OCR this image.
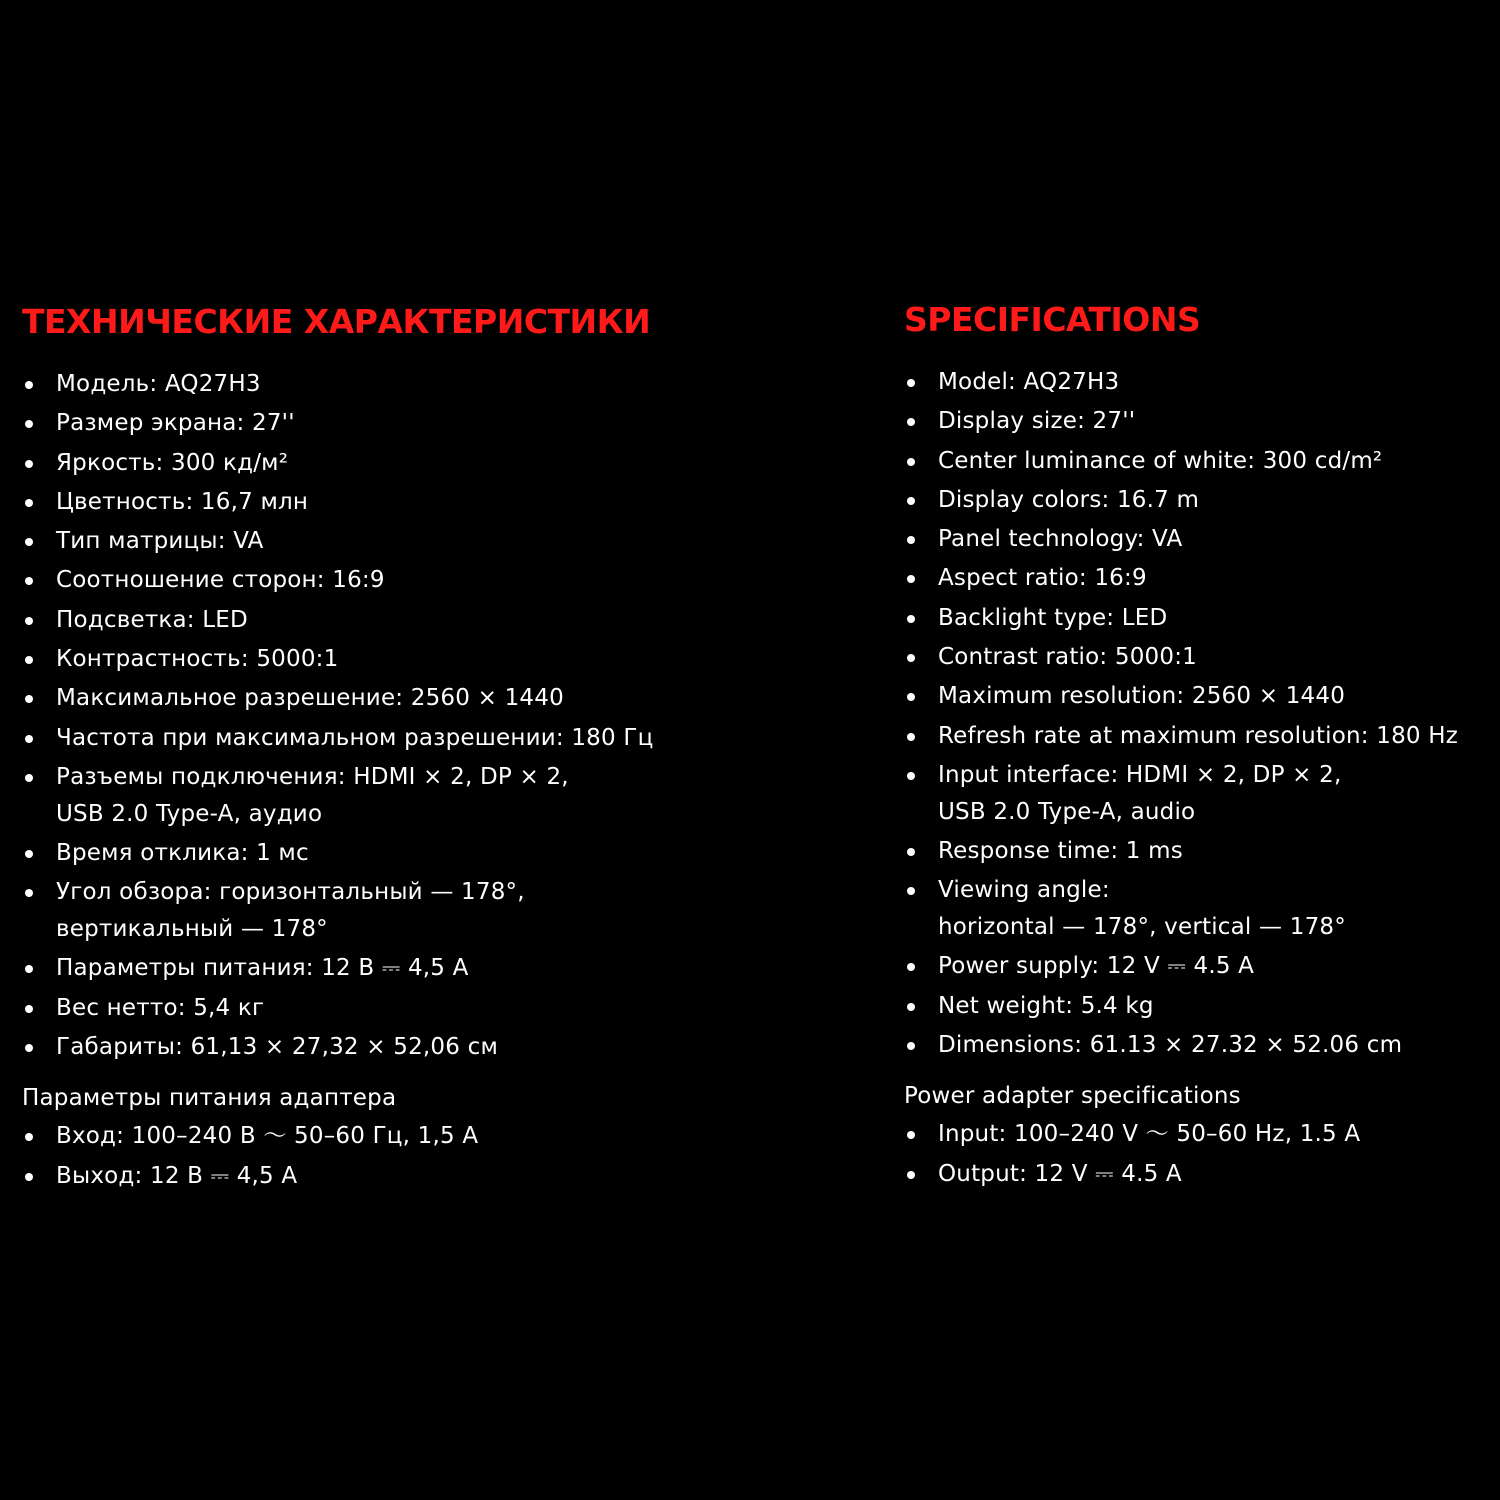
ТЕХНИЧЕСКИЕ ХАРАКТЕРИСТИКИ
Модель: AQ27H3
Размер экрана: 27''
Яркость: 300 кд/м²
Цветность: 16,7 млн
Тип матрицы: VA
Соотношение сторон: 16:9
Подсветка: LED
Контрастность: 5000:1
Максимальное разрешение: 2560 × 1440
Частота при максимальном разрешении: 180 Гц
Разъемы подключения: HDMI × 2, DP × 2,
USB 2.0 Type-A, аудио
Время отклика: 1 мс
Угол обзора: горизонтальный — 178°,
вертикальный — 178°
Параметры питания: 12 В ⎓ 4,5 А
Вес нетто: 5,4 кг
Габариты: 61,13 × 27,32 × 52,06 см
Параметры питания адаптера
Вход: 100–240 В 〜 50–60 Гц, 1,5 А
Выход: 12 В ⎓ 4,5 А
SPECIFICATIONS
Model: AQ27H3
Display size: 27''
Center luminance of white: 300 cd/m²
Display colors: 16.7 m
Panel technology: VA
Aspect ratio: 16:9
Backlight type: LED
Contrast ratio: 5000:1
Maximum resolution: 2560 × 1440
Refresh rate at maximum resolution: 180 Hz
Input interface: HDMI × 2, DP × 2,
USB 2.0 Type-A, audio
Response time: 1 ms
Viewing angle:
horizontal — 178°, vertical — 178°
Power supply: 12 V ⎓ 4.5 A
Net weight: 5.4 kg
Dimensions: 61.13 × 27.32 × 52.06 cm
Power adapter specifications
Input: 100–240 V 〜 50–60 Hz, 1.5 A
Output: 12 V ⎓ 4.5 A
